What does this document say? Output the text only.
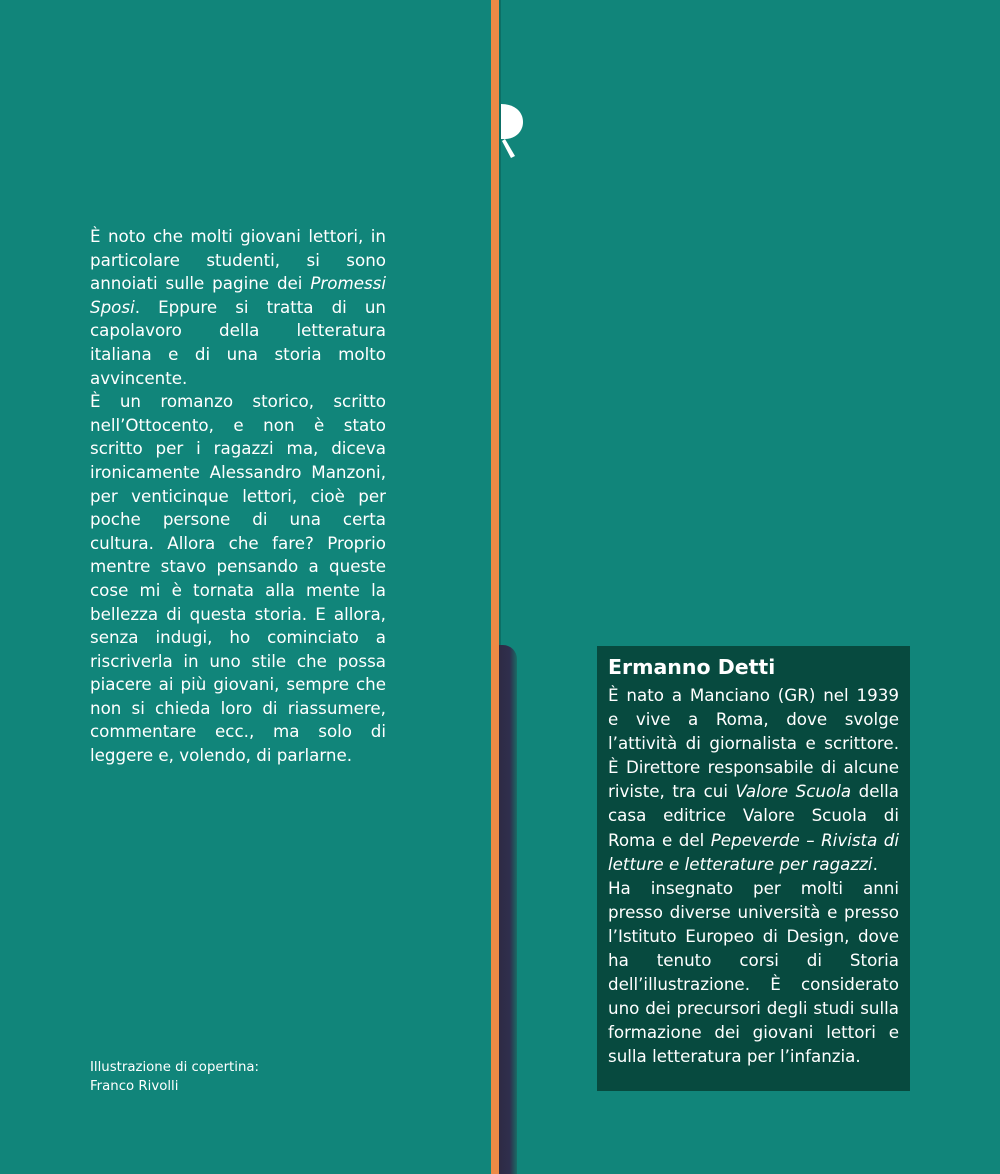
È noto che molti giovani lettori, in particolare studenti, si sono annoiati sulle pagine dei Promessi Sposi. Eppure si tratta di un capolavoro della letteratura italiana e di una storia molto avvincente.

È un romanzo storico, scritto nell’Ottocento, e non è stato scritto per i ragazzi ma, diceva ironicamente Alessandro Manzoni, per venticinque lettori, cioè per poche persone di una certa cultura. Allora che fare? Proprio mentre stavo pensando a queste cose mi è tornata alla mente la bellezza di questa storia. E allora, senza indugi, ho cominciato a riscriverla in uno stile che possa piacere ai più giovani, sempre che non si chieda loro di riassumere, commentare ecc., ma solo di leggere e, volendo, di parlarne.

Illustrazione di copertina:
Franco Rivolli
Ermanno Detti

È nato a Manciano (GR) nel 1939 e vive a Roma, dove svolge l’attività di giornalista e scrittore. È Direttore responsabile di alcune riviste, tra cui Valore Scuola della casa editrice Valore Scuola di Roma e del Pepeverde – Rivista di letture e letterature per ragazzi.

Ha insegnato per molti anni presso diverse università e presso l’Istituto Europeo di Design, dove ha tenuto corsi di Storia dell’illustrazione. È considerato uno dei precursori degli studi sulla formazione dei giovani lettori e sulla letteratura per l’infanzia.
